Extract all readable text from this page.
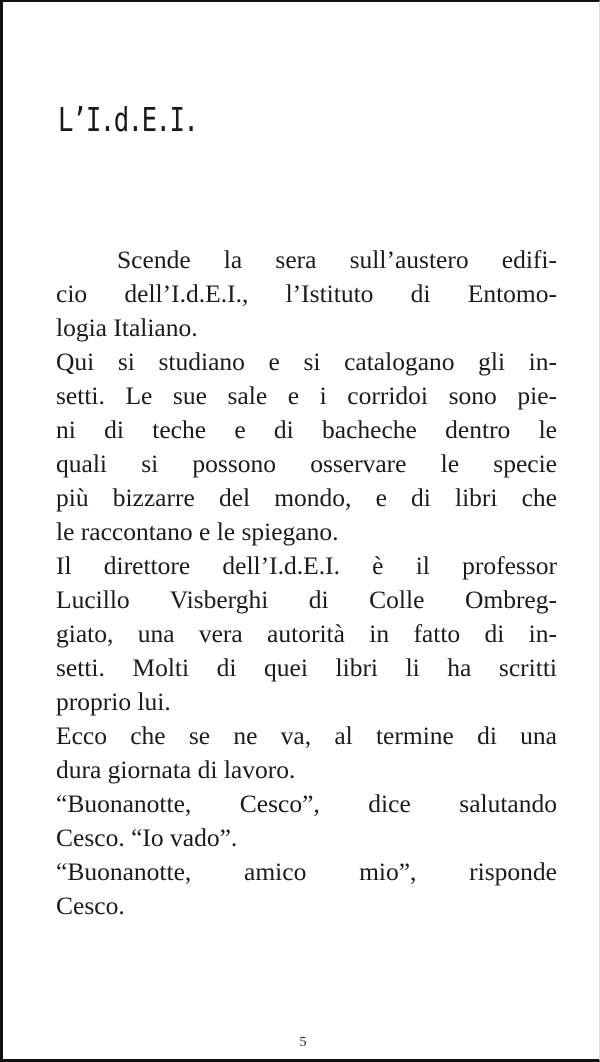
L’I.d.E.I.
Scende la sera sull’austero edifi-
cio dell’I.d.E.I., l’Istituto di Entomo-
logia Italiano.
Qui si studiano e si catalogano gli in-
setti. Le sue sale e i corridoi sono pie-
ni di teche e di bacheche dentro le
quali si possono osservare le specie
più bizzarre del mondo, e di libri che
le raccontano e le spiegano.
Il direttore dell’I.d.E.I. è il professor
Lucillo Visberghi di Colle Ombreg-
giato, una vera autorità in fatto di in-
setti. Molti di quei libri li ha scritti
proprio lui.
Ecco che se ne va, al termine di una
dura giornata di lavoro.
“Buonanotte, Cesco”, dice salutando
Cesco. “Io vado”.
“Buonanotte, amico mio”, risponde
Cesco.
5
